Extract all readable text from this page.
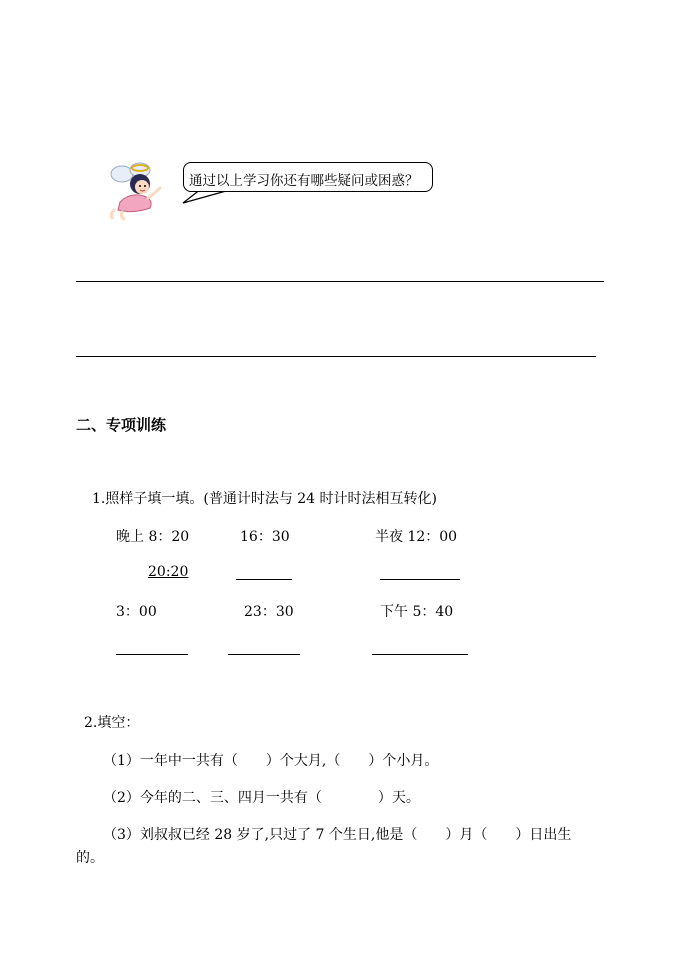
通过以上学习你还有哪些疑问或困惑？
二、专项训练
1.照样子填一填。(普通计时法与 24 时计时法相互转化)
晚上 8：20	16：30	半夜 12：00
20:20
3：00	23：30	下午 5：40
2.填空：
（1）一年中一共有（　　）个大月,（　　）个小月。
（2）今年的二、三、四月一共有（　　　　）天。
（3）刘叔叔已经 28 岁了,只过了 7 个生日,他是（　　）月（　　）日出生
的。
